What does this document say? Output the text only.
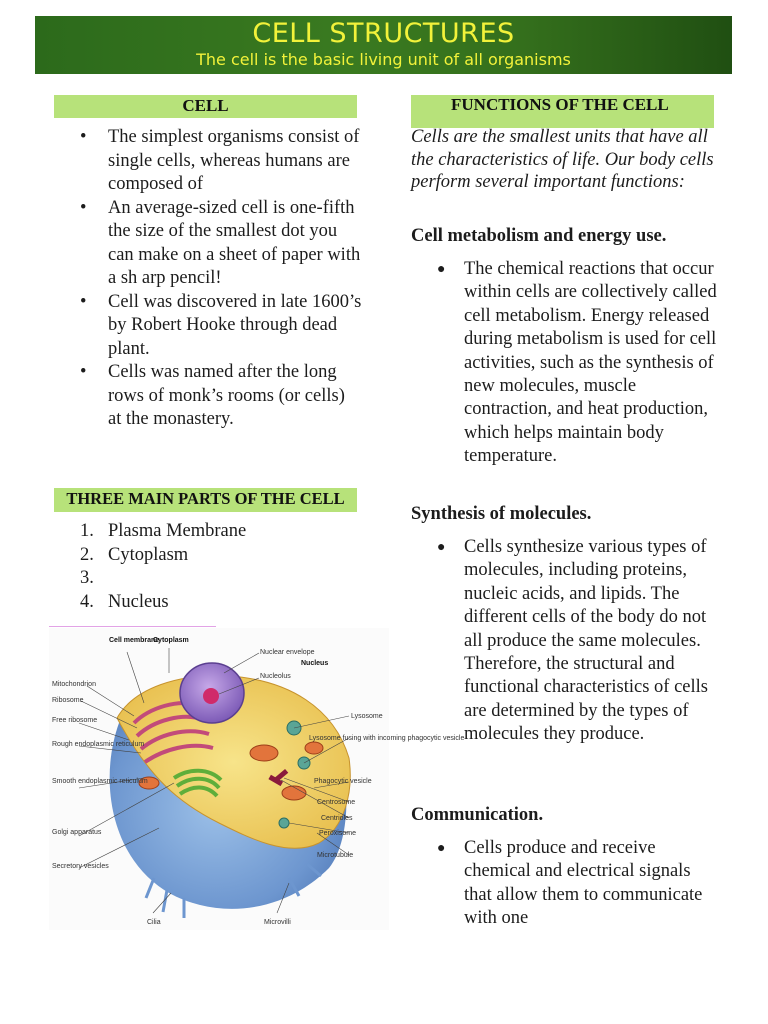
CELL STRUCTURES
The cell is the basic living unit of all organisms
CELL
•	The simplest organisms consist of single cells, whereas humans are composed of
•	An average-sized cell is one-fifth the size of the smallest dot you can make on a sheet of paper with a sh arp pencil!
•	Cell was discovered in late 1600’s by Robert Hooke through dead plant.
•	Cells was named after the long rows of monk’s rooms (or cells) at the monastery.
THREE MAIN PARTS OF THE CELL
1. Plasma Membrane
2. Cytoplasm
3.
4. Nucleus
Cell membrane
Cytoplasm
Nuclear envelope
Nucleolus
Nucleus
Mitochondrion
Ribosome
Free ribosome
Rough endoplasmic reticulum
Smooth endoplasmic reticulum
Golgi apparatus
Secretory vesicles
Cilia	Microvilli
Lysosome
Lysosome fusing with incoming phagocytic vesicle
Phagocytic vesicle
Centrosome
Centrioles
Peroxisome
Microtubule
FUNCTIONS OF THE CELL
Cells are the smallest units that have all the characteristics of life. Our body cells perform several important functions:
Cell metabolism and energy use.
● The chemical reactions that occur within cells are collectively called cell metabolism. Energy released during metabolism is used for cell activities, such as the synthesis of new molecules, muscle contraction, and heat production, which helps maintain body temperature.
Synthesis of molecules.
● Cells synthesize various types of molecules, including proteins, nucleic acids, and lipids. The different cells of the body do not all produce the same molecules. Therefore, the structural and functional characteristics of cells are determined by the types of molecules they produce.
Communication.
● Cells produce and receive chemical and electrical signals that allow them to communicate with one
